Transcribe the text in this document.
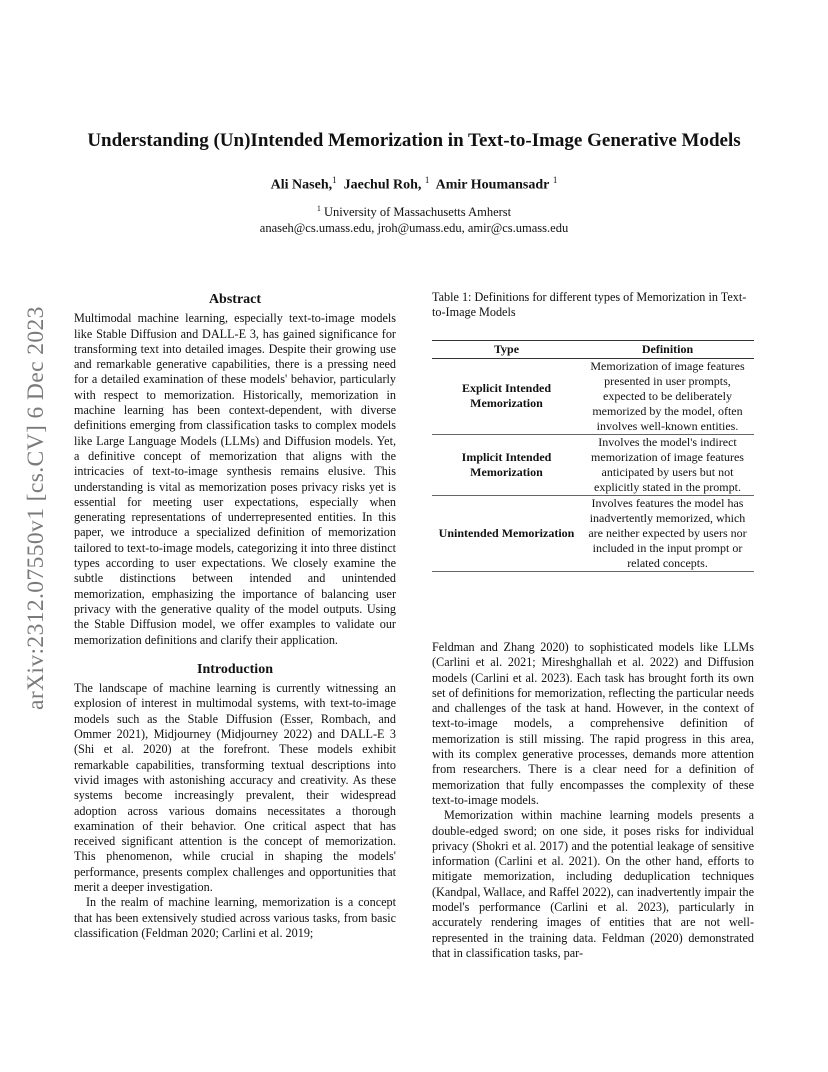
arXiv:2312.07550v1 [cs.CV] 6 Dec 2023
Understanding (Un)Intended Memorization in Text-to-Image Generative Models
Ali Naseh,$^1$ Jaechul Roh, $^1$ Amir Houmansadr $^1$
$^1$ University of Massachusetts Amherst
anaseh@cs.umass.edu, jroh@umass.edu, amir@cs.umass.edu
Abstract

Multimodal machine learning, especially text-to-image models like Stable Diffusion and DALL-E 3, has gained significance for transforming text into detailed images. Despite their growing use and remarkable generative capabilities, there is a pressing need for a detailed examination of these models' behavior, particularly with respect to memorization. Historically, memorization in machine learning has been context-dependent, with diverse definitions emerging from classification tasks to complex models like Large Language Models (LLMs) and Diffusion models. Yet, a definitive concept of memorization that aligns with the intricacies of text-to-image synthesis remains elusive. This understanding is vital as memorization poses privacy risks yet is essential for meeting user expectations, especially when generating representations of underrepresented entities. In this paper, we introduce a specialized definition of memorization tailored to text-to-image models, categorizing it into three distinct types according to user expectations. We closely examine the subtle distinctions between intended and unintended memorization, emphasizing the importance of balancing user privacy with the generative quality of the model outputs. Using the Stable Diffusion model, we offer examples to validate our memorization definitions and clarify their application.

Introduction

The landscape of machine learning is currently witnessing an explosion of interest in multimodal systems, with text-to-image models such as the Stable Diffusion (Esser, Rombach, and Ommer 2021), Midjourney (Midjourney 2022) and DALL-E 3 (Shi et al. 2020) at the forefront. These models exhibit remarkable capabilities, transforming textual descriptions into vivid images with astonishing accuracy and creativity. As these systems become increasingly prevalent, their widespread adoption across various domains necessitates a thorough examination of their behavior. One critical aspect that has received significant attention is the concept of memorization. This phenomenon, while crucial in shaping the models' performance, presents complex challenges and opportunities that merit a deeper investigation.

In the realm of machine learning, memorization is a concept that has been extensively studied across various tasks, from basic classification (Feldman 2020; Carlini et al. 2019;

Table 1: Definitions for different types of Memorization in Text-to-Image Models
Type	Definition
Explicit Intended Memorization	Memorization of image features presented in user prompts, expected to be deliberately memorized by the model, often involves well-known entities.
Implicit Intended Memorization	Involves the model's indirect memorization of image features anticipated by users but not explicitly stated in the prompt.
Unintended Memorization	Involves features the model has inadvertently memorized, which are neither expected by users nor included in the input prompt or related concepts.

Feldman and Zhang 2020) to sophisticated models like LLMs (Carlini et al. 2021; Mireshghallah et al. 2022) and Diffusion models (Carlini et al. 2023). Each task has brought forth its own set of definitions for memorization, reflecting the particular needs and challenges of the task at hand. However, in the context of text-to-image models, a comprehensive definition of memorization is still missing. The rapid progress in this area, with its complex generative processes, demands more attention from researchers. There is a clear need for a definition of memorization that fully encompasses the complexity of these text-to-image models.

Memorization within machine learning models presents a double-edged sword; on one side, it poses risks for individual privacy (Shokri et al. 2017) and the potential leakage of sensitive information (Carlini et al. 2021). On the other hand, efforts to mitigate memorization, including deduplication techniques (Kandpal, Wallace, and Raffel 2022), can inadvertently impair the model's performance (Carlini et al. 2023), particularly in accurately rendering images of entities that are not well-represented in the training data. Feldman (2020) demonstrated that in classification tasks, par-
